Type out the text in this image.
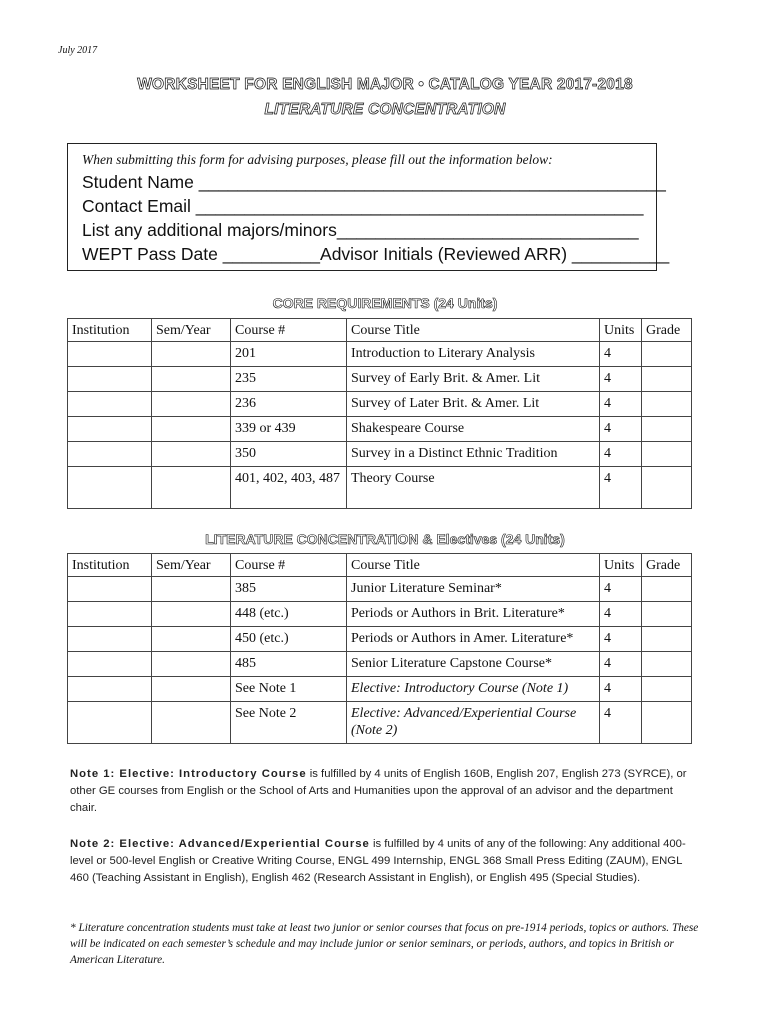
July 2017
WORKSHEET FOR ENGLISH MAJOR • CATALOG YEAR 2017-2018
LITERATURE CONCENTRATION
When submitting this form for advising purposes, please fill out the information below:
Student Name ________________________________________________
Contact Email ______________________________________________
List any additional majors/minors_______________________________
WEPT Pass Date __________Advisor Initials (Reviewed ARR) __________
CORE REQUIREMENTS (24 Units)
Institution	Sem/Year	Course #	Course Title	Units	Grade
		201	Introduction to Literary Analysis	4	
		235	Survey of Early Brit. & Amer. Lit	4	
		236	Survey of Later Brit. & Amer. Lit	4	
		339 or 439	Shakespeare Course	4	
		350	Survey in a Distinct Ethnic Tradition	4	
		401, 402, 403, 487	Theory Course	4	
LITERATURE CONCENTRATION & Electives (24 Units)
Institution	Sem/Year	Course #	Course Title	Units	Grade
		385	Junior Literature Seminar*	4	
		448 (etc.)	Periods or Authors in Brit. Literature*	4	
		450 (etc.)	Periods or Authors in Amer. Literature*	4	
		485	Senior Literature Capstone Course*	4	
		See Note 1	Elective: Introductory Course (Note 1)	4	
		See Note 2	Elective: Advanced/Experiential Course (Note 2)	4	
Note 1: Elective: Introductory Course is fulfilled by 4 units of English 160B, English 207, English 273 (SYRCE), or other GE courses from English or the School of Arts and Humanities upon the approval of an advisor and the department chair.
Note 2: Elective: Advanced/Experiential Course is fulfilled by 4 units of any of the following: Any additional 400-level or 500-level English or Creative Writing Course, ENGL 499 Internship, ENGL 368 Small Press Editing (ZAUM), ENGL 460 (Teaching Assistant in English), English 462 (Research Assistant in English), or English 495 (Special Studies).
* Literature concentration students must take at least two junior or senior courses that focus on pre-1914 periods, topics or authors. These will be indicated on each semester’s schedule and may include junior or senior seminars, or periods, authors, and topics in British or American Literature.
